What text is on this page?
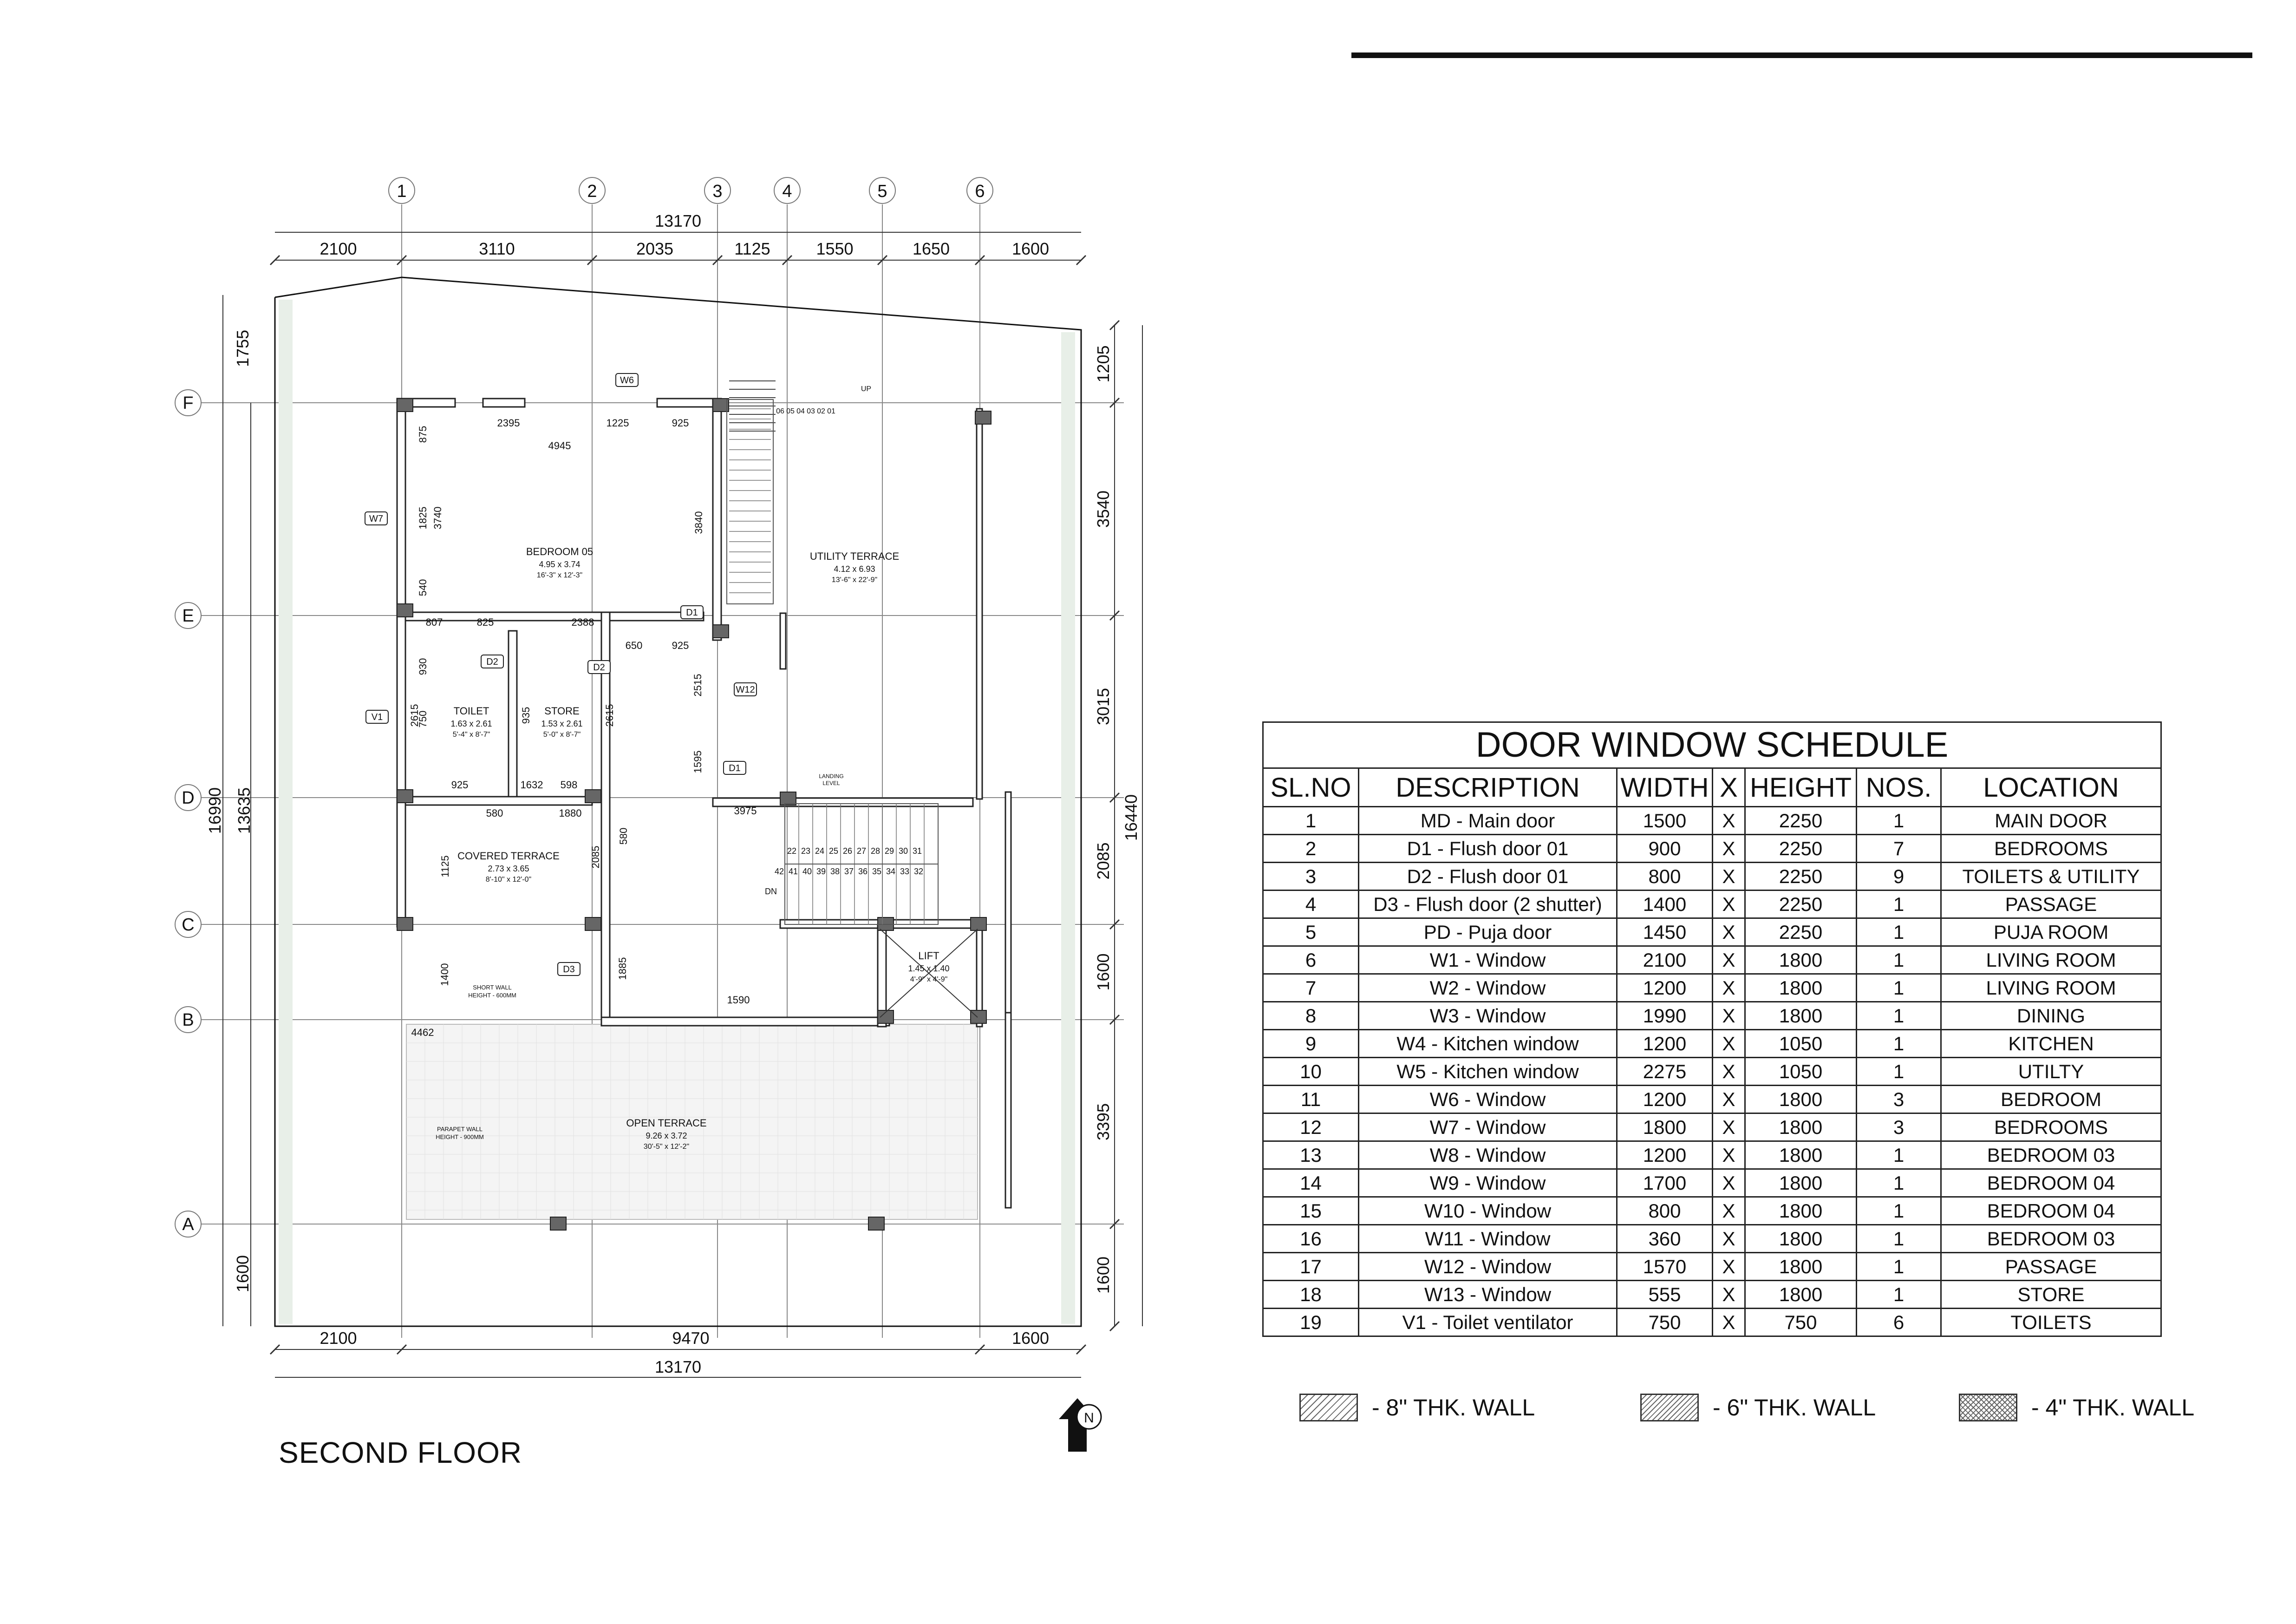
1	2	3	4	5	6
F
E
D
C
B
A
13170
2100	3110	2035	1125	1550	1650	1600
2100	9470	1600
13170
1755
1600
16990 13635
1205
3540
3015
2085
1600
3395
1600
16440
06 05 04 03 02 01
22 23 24 25 26 27 28 29 30 31
42 41 40 39 38 37 36 35 34 33 32
UP
DN
LANDING
LEVEL
BEDROOM 05
4.95 x 3.74
16'-3" x 12'-3"
UTILITY TERRACE
4.12 x 6.93
13'-6" x 22'-9"
TOILET
1.63 x 2.61
5'-4" x 8'-7"
STORE
1.53 x 2.61
5'-0" x 8'-7"
COVERED TERRACE
2.73 x 3.65
8'-10" x 12'-0"
LIFT
1.45 x 1.40
4'-9" x 4'-9"
OPEN TERRACE
9.26 x 3.72
30'-5" x 12'-2"
W6
W7
D1
D2
D2
V1
W12
D1
D3
2395	1225	925
4945
875
1825 3740	3840
540
807	825	2388
650	925
930
2615
750	935	2615
2515
1595
925	1632 598
580	1880
580
3975
1125	2085
1885
1400
1590
4462
SHORT WALL
HEIGHT - 600MM
PARAPET WALL
HEIGHT - 900MM
N
SECOND FLOOR
DOOR WINDOW SCHEDULE
SL.NO	DESCRIPTION	WIDTH	X	HEIGHT	NOS.	LOCATION
1	MD - Main door	1500	X	2250	1	MAIN DOOR
2	D1 - Flush door 01	900	X	2250	7	BEDROOMS
3	D2 - Flush door 01	800	X	2250	9	TOILETS & UTILITY
4	D3 - Flush door (2 shutter)	1400	X	2250	1	PASSAGE
5	PD - Puja door	1450	X	2250	1	PUJA ROOM
6	W1 - Window	2100	X	1800	1	LIVING ROOM
7	W2 - Window	1200	X	1800	1	LIVING ROOM
8	W3 - Window	1990	X	1800	1	DINING
9	W4 - Kitchen window	1200	X	1050	1	KITCHEN
10	W5 - Kitchen window	2275	X	1050	1	UTILTY
11	W6 - Window	1200	X	1800	3	BEDROOM
12	W7 - Window	1800	X	1800	3	BEDROOMS
13	W8 - Window	1200	X	1800	1	BEDROOM 03
14	W9 - Window	1700	X	1800	1	BEDROOM 04
15	W10 - Window	800	X	1800	1	BEDROOM 04
16	W11 - Window	360	X	1800	1	BEDROOM 03
17	W12 - Window	1570	X	1800	1	PASSAGE
18	W13 - Window	555	X	1800	1	STORE
19	V1 - Toilet ventilator	750	X	750	6	TOILETS
- 8" THK. WALL	- 6" THK. WALL	- 4" THK. WALL
